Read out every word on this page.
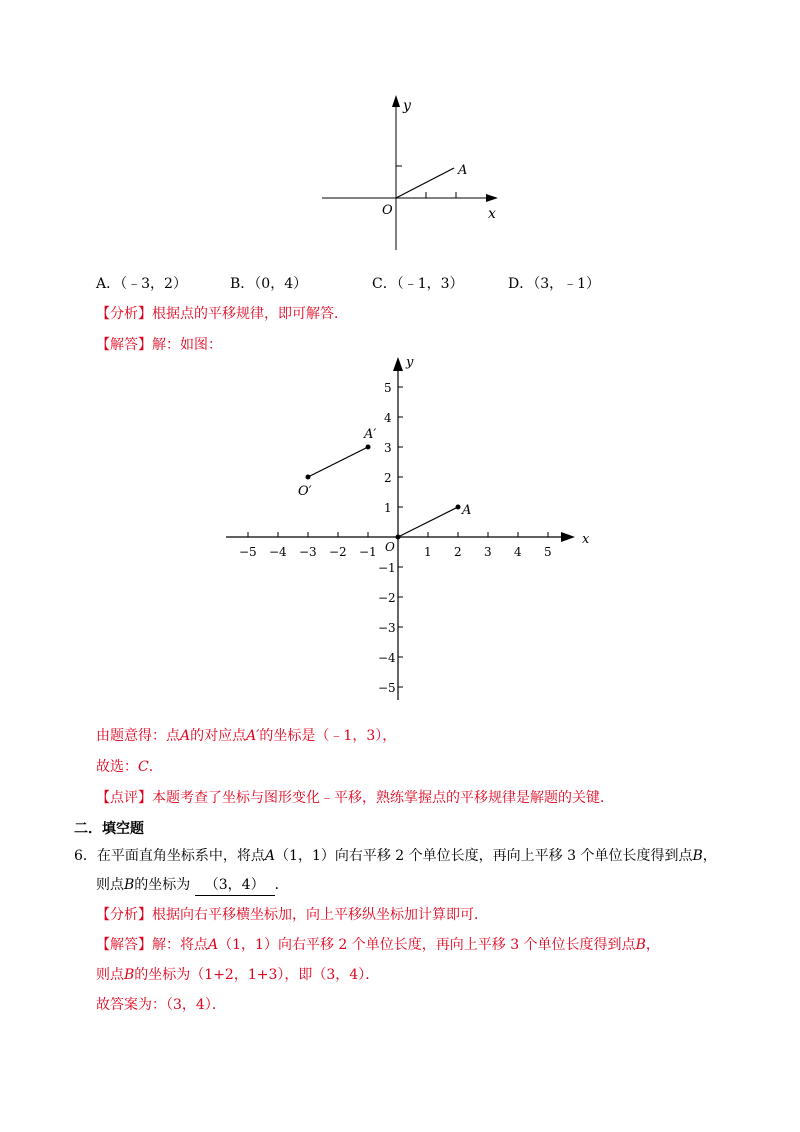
y
x
O
A
A．（﹣3，2）	B．（0，4）	C．（﹣1，3）	D．（3，﹣1）
【分析】根据点的平移规律，即可解答．
【解答】解：如图：
−5 −4 −3 −2 −1	1 2 3 4 5
5
4
3
2
1
−1
−2
−3
−4
−5
y
x
O
A
A′
O′
由题意得：点A的对应点A′的坐标是（﹣1，3），
故选：C．
【点评】本题考查了坐标与图形变化﹣平移，熟练掌握点的平移规律是解题的关键．
二．填空题
6．在平面直角坐标系中，将点A（1，1）向右平移 2 个单位长度，再向上平移 3 个单位长度得到点B，
则点B的坐标为 （3，4） ．
【分析】根据向右平移横坐标加，向上平移纵坐标加计算即可．
【解答】解：将点A（1，1）向右平移 2 个单位长度，再向上平移 3 个单位长度得到点B，
则点B的坐标为（1+2，1+3），即（3，4）．
故答案为：（3，4）．
